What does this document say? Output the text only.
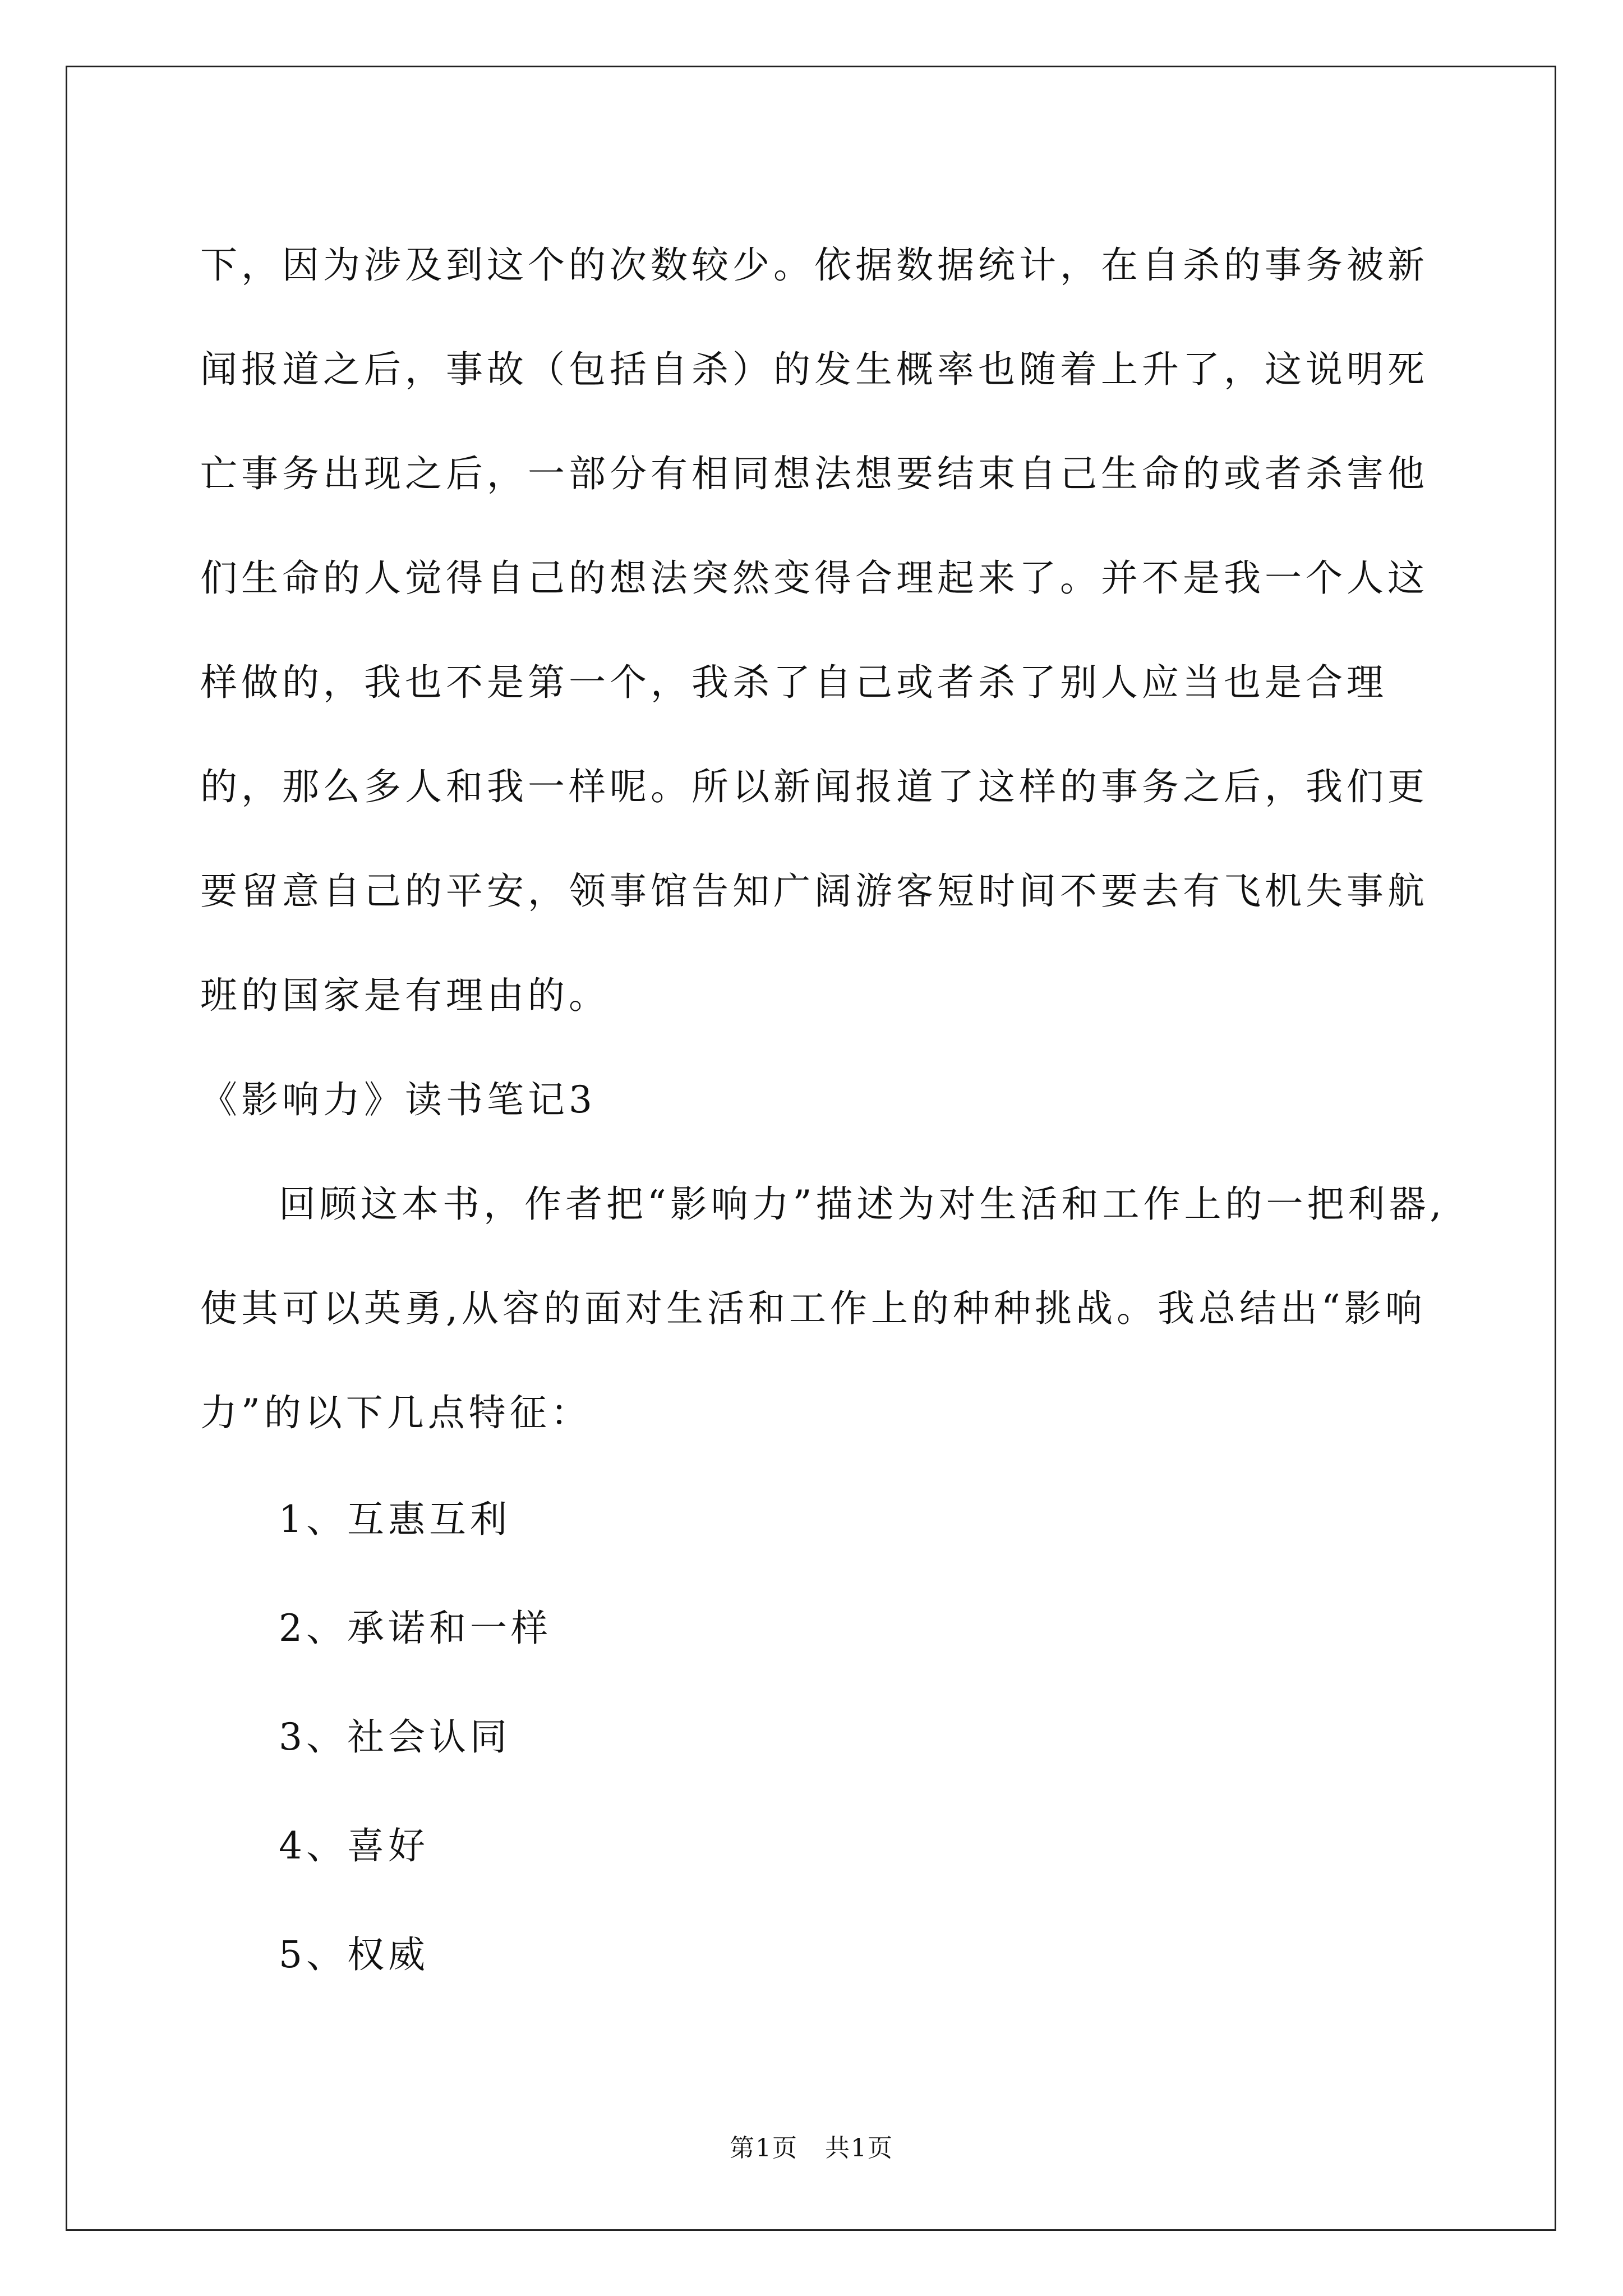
下，因为涉及到这个的次数较少。依据数据统计，在自杀的事务被新闻报道之后，事故（包括自杀）的发生概率也随着上升了，这说明死亡事务出现之后，一部分有相同想法想要结束自己生命的或者杀害他们生命的人觉得自己的想法突然变得合理起来了。并不是我一个人这样做的，我也不是第一个，我杀了自己或者杀了别人应当也是合理的，那么多人和我一样呢。所以新闻报道了这样的事务之后，我们更要留意自己的平安，领事馆告知广阔游客短时间不要去有飞机失事航班的国家是有理由的。

《影响力》读书笔记3

回顾这本书，作者把“影响力”描述为对生活和工作上的一把利器,使其可以英勇,从容的面对生活和工作上的种种挑战。我总结出“影响力”的以下几点特征：

1、互惠互利

2、承诺和一样

3、社会认同

4、喜好

5、权威

第1页 共1页
